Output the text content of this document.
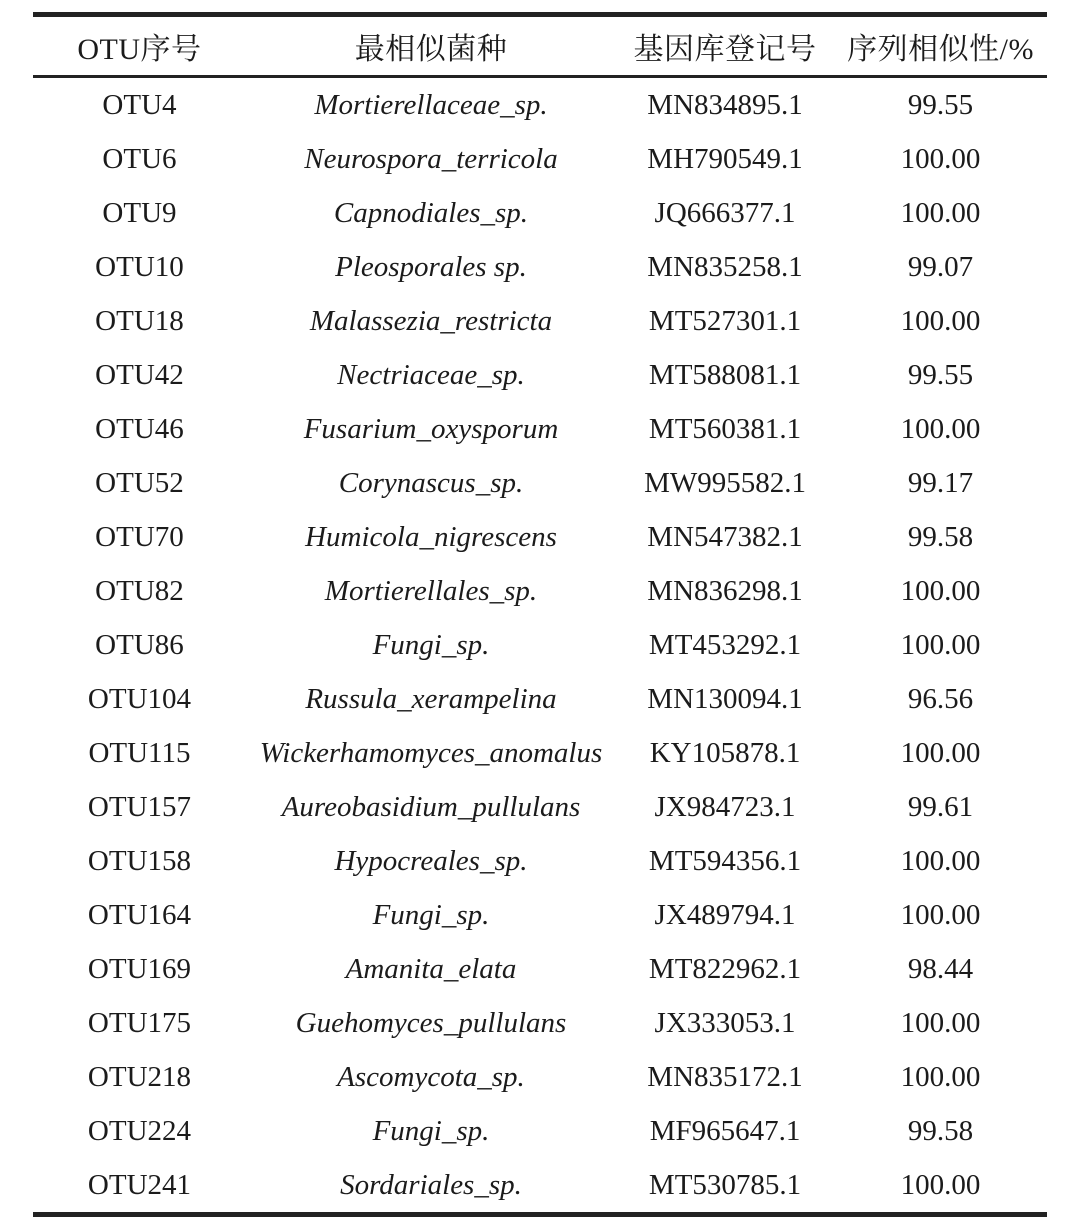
OTU序号	最相似菌种	基因库登记号	序列相似性/%
OTU4	Mortierellaceae_sp.	MN834895.1	99.55
OTU6	Neurospora_terricola	MH790549.1	100.00
OTU9	Capnodiales_sp.	JQ666377.1	100.00
OTU10	Pleosporales sp.	MN835258.1	99.07
OTU18	Malassezia_restricta	MT527301.1	100.00
OTU42	Nectriaceae_sp.	MT588081.1	99.55
OTU46	Fusarium_oxysporum	MT560381.1	100.00
OTU52	Corynascus_sp.	MW995582.1	99.17
OTU70	Humicola_nigrescens	MN547382.1	99.58
OTU82	Mortierellales_sp.	MN836298.1	100.00
OTU86	Fungi_sp.	MT453292.1	100.00
OTU104	Russula_xerampelina	MN130094.1	96.56
OTU115	Wickerhamomyces_anomalus	KY105878.1	100.00
OTU157	Aureobasidium_pullulans	JX984723.1	99.61
OTU158	Hypocreales_sp.	MT594356.1	100.00
OTU164	Fungi_sp.	JX489794.1	100.00
OTU169	Amanita_elata	MT822962.1	98.44
OTU175	Guehomyces_pullulans	JX333053.1	100.00
OTU218	Ascomycota_sp.	MN835172.1	100.00
OTU224	Fungi_sp.	MF965647.1	99.58
OTU241	Sordariales_sp.	MT530785.1	100.00
